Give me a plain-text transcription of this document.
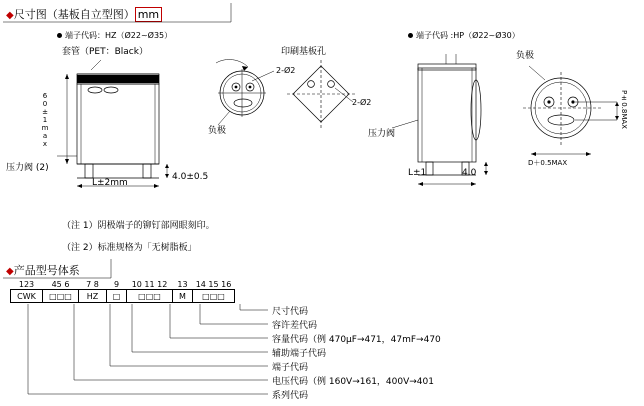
◆尺寸图（基板自立型图） mm
端子代码：HZ（Ø22~Ø35）
套管（PET：Black）
60±1max
L±2mm
4.0±0.5
压力阀 (2)
负极
2-Ø2
印刷基板孔
2-Ø2
端子代码 :HP（Ø22~Ø30）
压力阀
L±1	4.0
负极
P±0.8MAX
D＋0.5MAX
（注 1）阴极端子的铆钉部网眼刻印。
（注 2）标准规格为「无树脂板」
◆产品型号体系
123	45 6	7 8	9	10 11 12	13	14 15 16
CWK	□□□	HZ	□	□□□	M	□□□
尺寸代码
容许差代码
容量代码（例 470μF→471，47mF→470
辅助端子代码
端子代码
电压代码（例 160V→161，400V→401
系列代码
